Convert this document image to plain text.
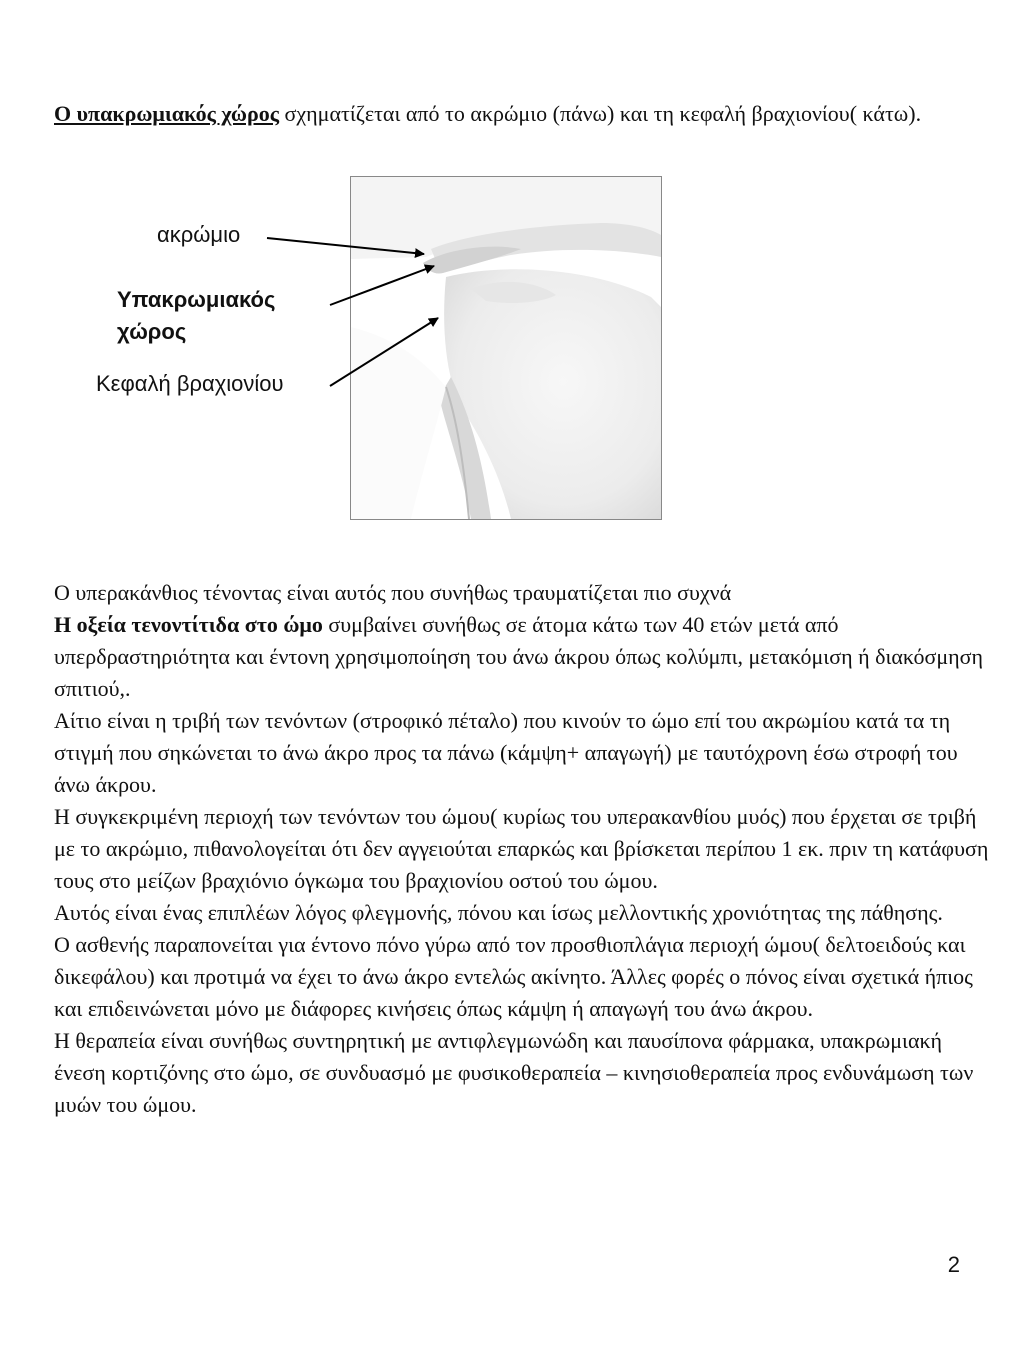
Ο υπακρωμιακός χώρος σχηματίζεται από το ακρώμιο (πάνω) και τη κεφαλή βραχιονίου( κάτω).

ακρώμιο
Υπακρωμιακός
χώρος
Κεφαλή βραχιονίου

Ο υπερακάνθιος τένοντας είναι αυτός που συνήθως τραυματίζεται πιο συχνά

Η οξεία τενοντίτιδα στο ώμο συμβαίνει συνήθως σε άτομα κάτω των 40 ετών μετά από υπερδραστηριότητα και έντονη χρησιμοποίηση του άνω άκρου όπως κολύμπι, μετακόμιση ή διακόσμηση σπιτιού,.

Αίτιο είναι η τριβή των τενόντων (στροφικό πέταλο) που κινούν το ώμο επί του ακρωμίου κατά τα τη στιγμή που σηκώνεται το άνω άκρο προς τα πάνω (κάμψη+ απαγωγή) με ταυτόχρονη έσω στροφή του άνω άκρου.

Η συγκεκριμένη περιοχή των τενόντων του ώμου( κυρίως του υπερακανθίου μυός) που έρχεται σε τριβή με το ακρώμιο, πιθανολογείται ότι δεν αγγειούται επαρκώς και βρίσκεται περίπου 1 εκ. πριν τη κατάφυση τους στο μείζων βραχιόνιο όγκωμα του βραχιονίου οστού του ώμου.

Αυτός είναι ένας επιπλέων λόγος φλεγμονής, πόνου και ίσως μελλοντικής χρονιότητας της πάθησης.

Ο ασθενής παραπονείται για έντονο πόνο γύρω από τον προσθιοπλάγια περιοχή ώμου( δελτοειδούς και δικεφάλου) και προτιμά να έχει το άνω άκρο εντελώς ακίνητο. Άλλες φορές ο πόνος είναι σχετικά ήπιος και επιδεινώνεται μόνο με διάφορες κινήσεις όπως κάμψη ή απαγωγή του άνω άκρου.

Η θεραπεία είναι συνήθως συντηρητική με αντιφλεγμωνώδη και παυσίπονα φάρμακα, υπακρωμιακή ένεση κορτιζόνης στο ώμο, σε συνδυασμό με φυσικοθεραπεία – κινησιοθεραπεία προς ενδυνάμωση των μυών του ώμου.

2
